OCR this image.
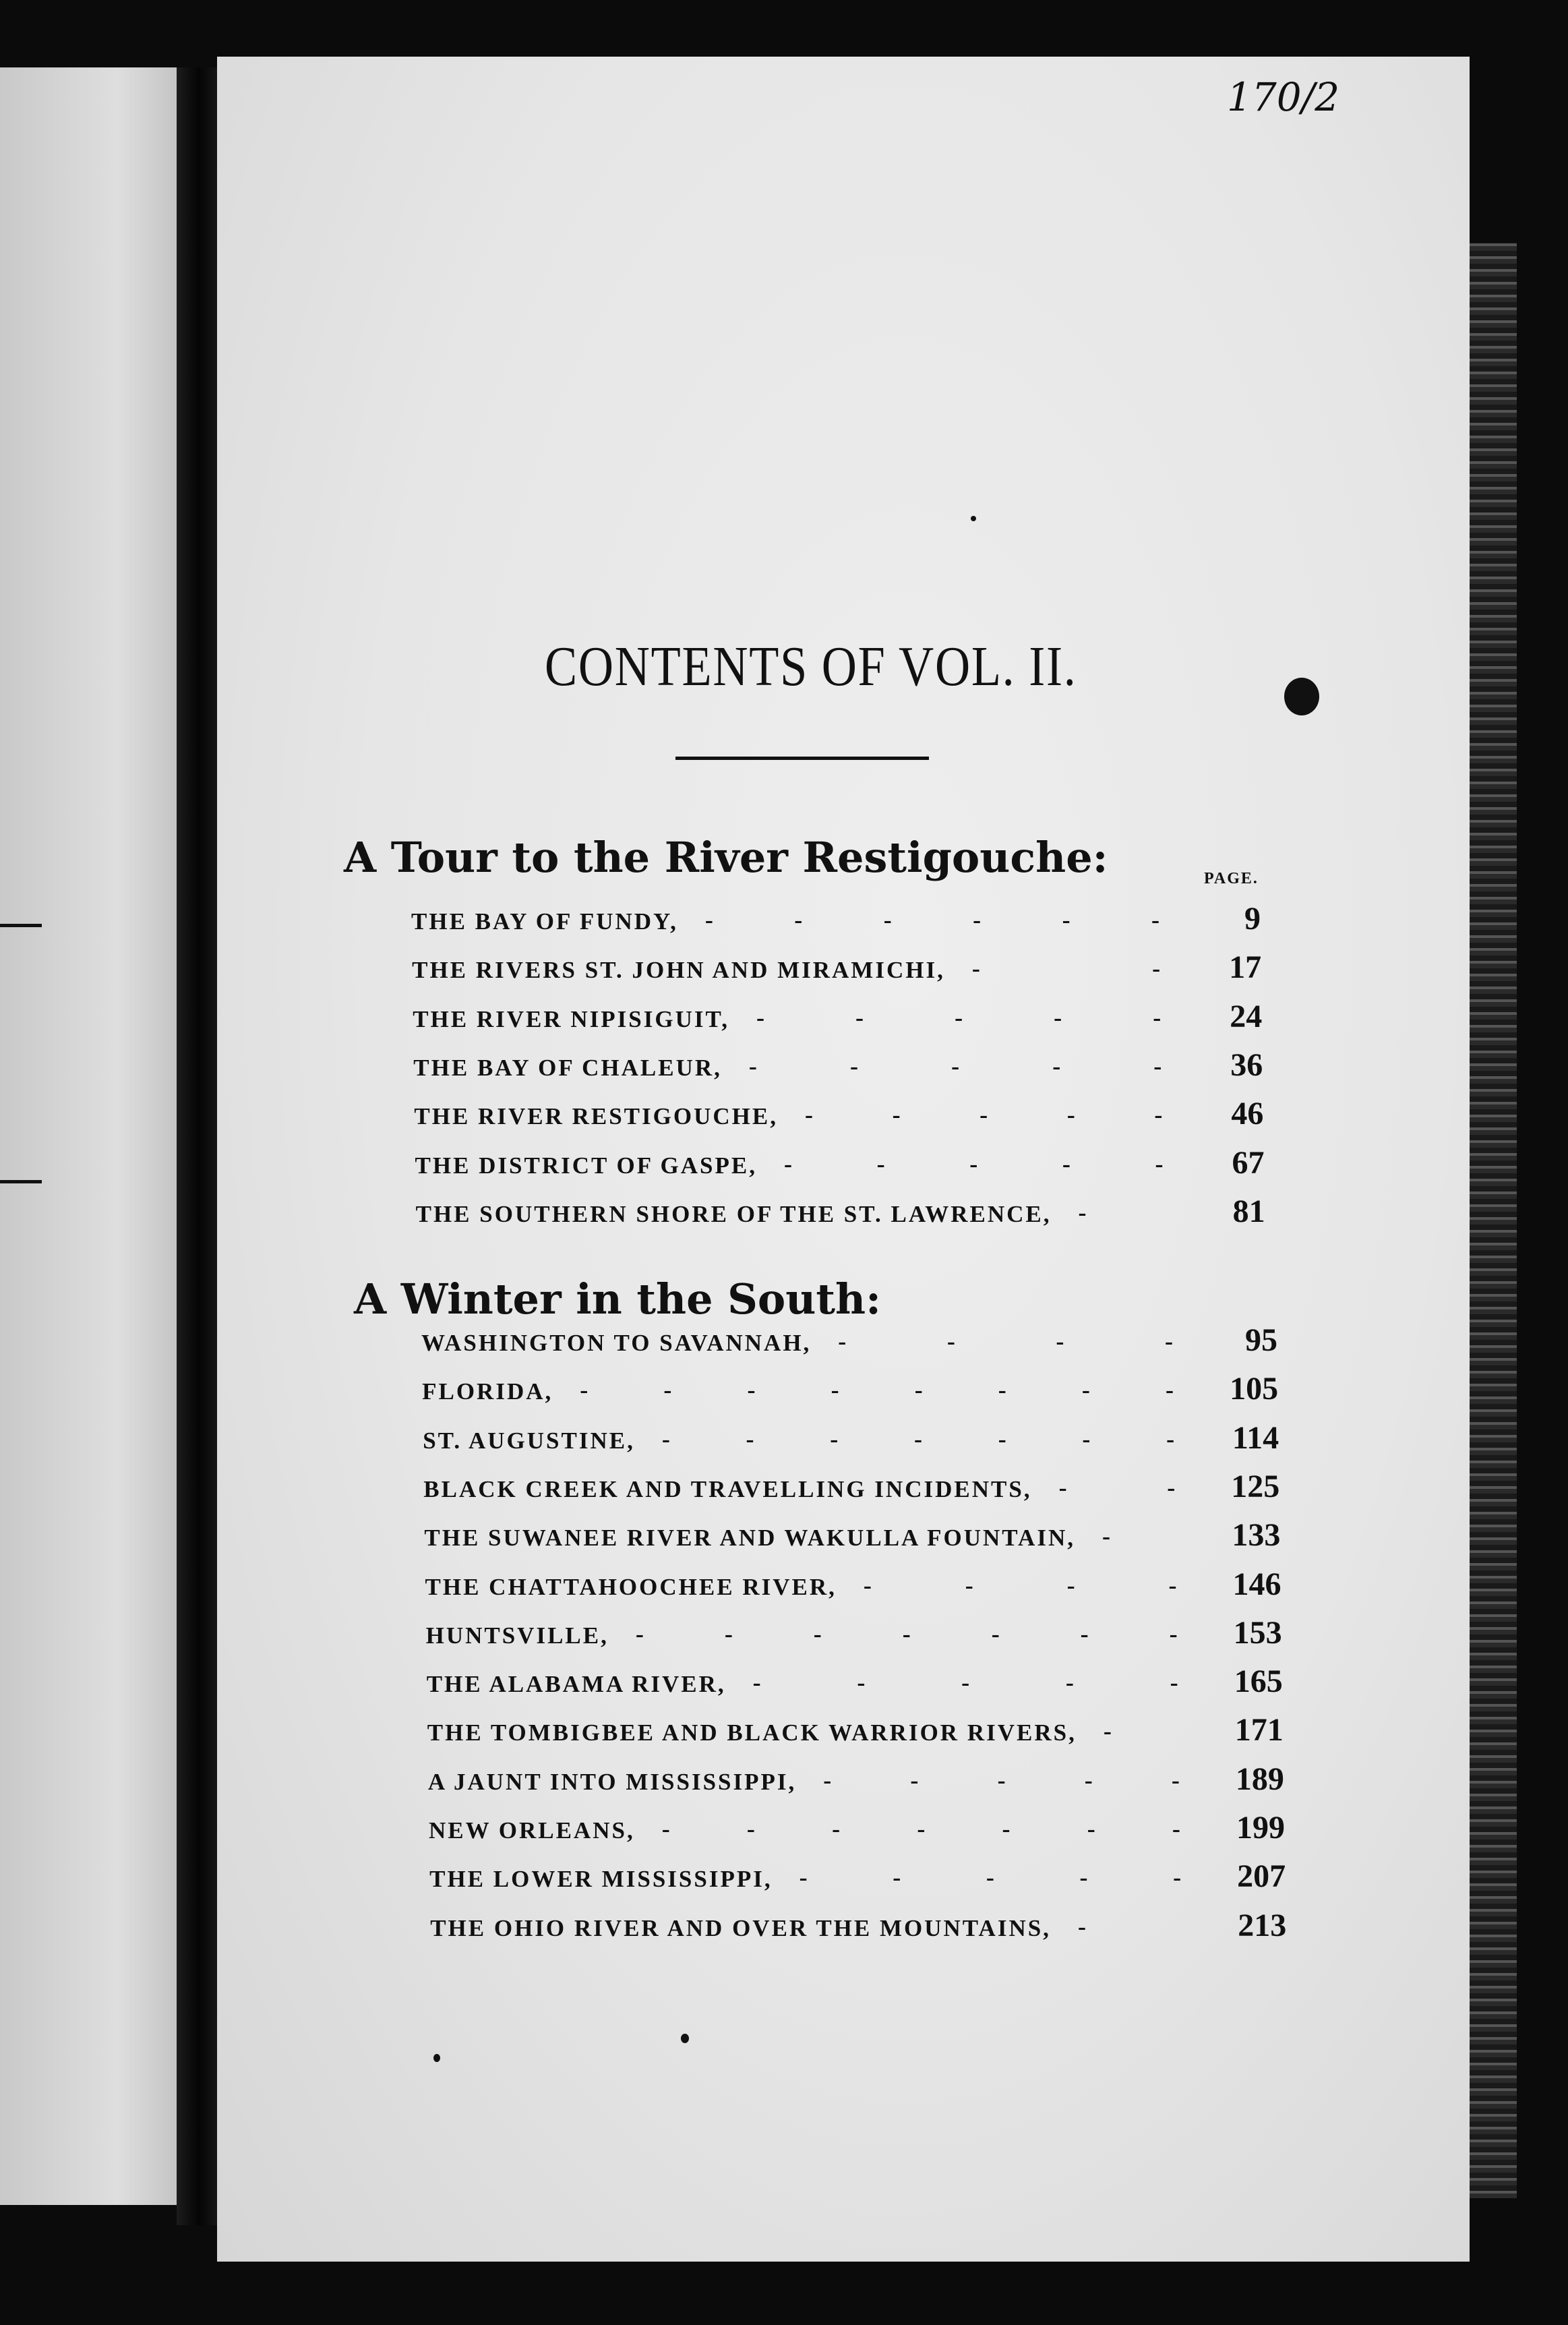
170/2
CONTENTS OF VOL. II.
A Tour to the River Restigouche:	PAGE.
A Winter in the South:
THE BAY OF FUNDY,	9
-	-	-	-	-	-
THE RIVERS ST. JOHN AND MIRAMICHI,	17
-	-
THE RIVER NIPISIGUIT,	24
-	-	-	-	-
THE BAY OF CHALEUR,	36
-	-	-	-	-
THE RIVER RESTIGOUCHE,	46
-	-	-	-	-
THE DISTRICT OF GASPE,	67
-	-	-	-	-
THE SOUTHERN SHORE OF THE ST. LAWRENCE,	81
-
WASHINGTON TO SAVANNAH,	95
-	-	-	-
FLORIDA,	105
-	-	-	-	-	-	-	-
ST. AUGUSTINE,	114
-	-	-	-	-	-	-
BLACK CREEK AND TRAVELLING INCIDENTS,	125
-	-
THE SUWANEE RIVER AND WAKULLA FOUNTAIN,	133
-
THE CHATTAHOOCHEE RIVER,	146
-	-	-	-
HUNTSVILLE,	153
-	-	-	-	-	-	-
THE ALABAMA RIVER,	165
-	-	-	-	-
THE TOMBIGBEE AND BLACK WARRIOR RIVERS,	171
-
A JAUNT INTO MISSISSIPPI,	189
-	-	-	-	-
NEW ORLEANS,	199
-	-	-	-	-	-	-
THE LOWER MISSISSIPPI,	207
-	-	-	-	-
THE OHIO RIVER AND OVER THE MOUNTAINS,	213
-
